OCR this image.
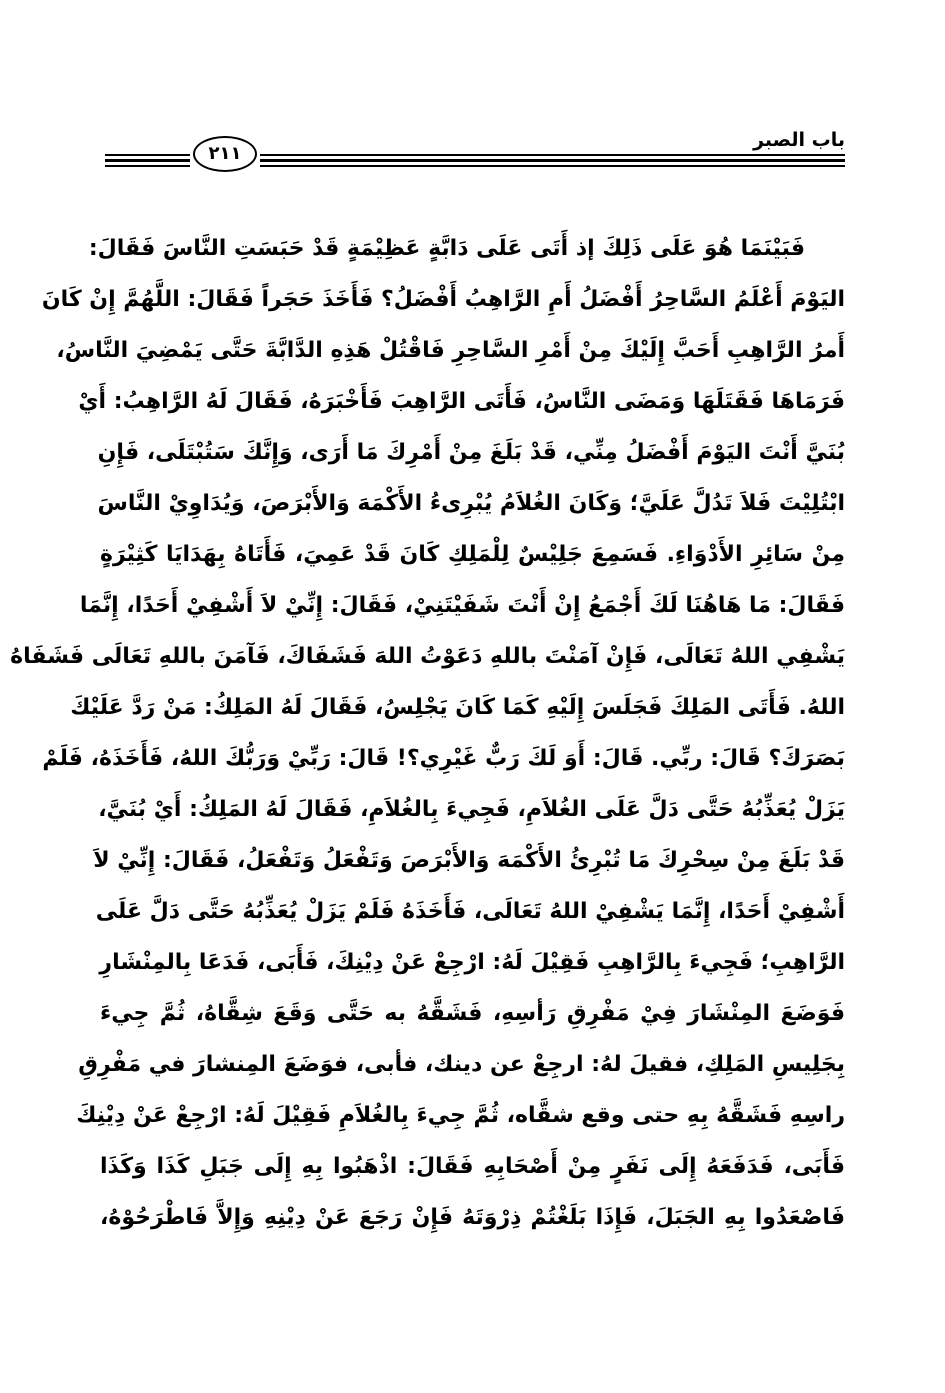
باب الصبر
٢١١
فَبَيْنَمَا هُوَ عَلَى ذَلِكَ إذ أَتَى عَلَى دَابَّةٍ عَظِيْمَةٍ قَدْ حَبَسَتِ النَّاسَ فَقَالَ:
اليَوْمَ أَعْلَمُ السَّاحِرُ أَفْضَلُ أَمِ الرَّاهِبُ أَفْضَلُ؟ فَأَخَذَ حَجَراً فَقَالَ: اللَّهُمَّ إِنْ كَانَ
أَمرُ الرَّاهِبِ أَحَبَّ إِلَيْكَ مِنْ أَمْرِ السَّاحِرِ فَاقْتُلْ هَذِهِ الدَّابَّةَ حَتَّى يَمْضِيَ النَّاسُ،
فَرَمَاهَا فَقَتَلَهَا وَمَضَى النَّاسُ، فَأَتَى الرَّاهِبَ فَأَخْبَرَهُ، فَقَالَ لَهُ الرَّاهِبُ: أَيْ
بُنَيَّ أَنْتَ اليَوْمَ أَفْضَلُ مِنِّي، قَدْ بَلَغَ مِنْ أَمْرِكَ مَا أَرَى، وَإِنَّكَ سَتُبْتَلَى، فَإِنِ
ابْتُلِيْتَ فَلاَ تَدُلَّ عَلَيَّ؛ وَكَانَ الغُلاَمُ يُبْرِىءُ الأَكْمَهَ وَالأَبْرَصَ، وَيُدَاوِيْ النَّاسَ
مِنْ سَائِرِ الأَدْوَاءِ. فَسَمِعَ جَلِيْسٌ لِلْمَلِكِ كَانَ قَدْ عَمِيَ، فَأَتَاهُ بِهَدَايَا كَثِيْرَةٍ
فَقَالَ: مَا هَاهُنَا لَكَ أَجْمَعُ إِنْ أَنْتَ شَفَيْتَنِيْ، فَقَالَ: إِنِّيْ لاَ أَشْفِيْ أَحَدًا، إِنَّمَا
يَشْفِي اللهُ تَعَالَى، فَإِنْ آمَنْتَ باللهِ دَعَوْتُ اللهَ فَشَفَاكَ، فَآمَنَ باللهِ تَعَالَى فَشَفَاهُ
اللهُ. فَأَتَى المَلِكَ فَجَلَسَ إِلَيْهِ كَمَا كَانَ يَجْلِسُ، فَقَالَ لَهُ المَلِكُ: مَنْ رَدَّ عَلَيْكَ
بَصَرَكَ؟ قَالَ: ربِّي. قَالَ: أَوَ لَكَ رَبٌّ غَيْرِي؟! قَالَ: رَبِّيْ وَرَبُّكَ اللهُ، فَأَخَذَهُ، فَلَمْ
يَزَلْ يُعَذِّبُهُ حَتَّى دَلَّ عَلَى الغُلاَمِ، فَجِيءَ بِالغُلاَمِ، فَقَالَ لَهُ المَلِكُ: أَيْ بُنَيَّ،
قَدْ بَلَغَ مِنْ سِحْرِكَ مَا تُبْرِئُ الأَكْمَهَ وَالأَبْرَصَ وَتَفْعَلُ وَتَفْعَلُ، فَقَالَ: إِنِّيْ لاَ
أَشْفِيْ أَحَدًا، إِنَّمَا يَشْفِيْ اللهُ تَعَالَى، فَأَخَذَهُ فَلَمْ يَزَلْ يُعَذِّبُهُ حَتَّى دَلَّ عَلَى
الرَّاهِبِ؛ فَجِيءَ بِالرَّاهِبِ فَقِيْلَ لَهُ: ارْجِعْ عَنْ دِيْنِكَ، فَأَبَى، فَدَعَا بِالمِنْشَارِ
فَوَضَعَ المِنْشَارَ فِيْ مَفْرِقِ رَأسِهِ، فَشَقَّهُ به حَتَّى وَقَعَ شِقَّاهُ، ثُمَّ جِيءَ
بِجَلِيسِ المَلِكِ، فقيلَ لهُ: ارجِعْ عن دينك، فأبى، فوَضَعَ المِنشارَ في مَفْرِقِ
راسِهِ فَشَقَّهُ بِهِ حتى وقع شقَّاه، ثُمَّ جِيءَ بِالغُلاَمِ فَقِيْلَ لَهُ: ارْجِعْ عَنْ دِيْنِكَ
فَأَبَى، فَدَفَعَهُ إِلَى نَفَرٍ مِنْ أَصْحَابِهِ فَقَالَ: اذْهَبُوا بِهِ إِلَى جَبَلِ كَذَا وَكَذَا
فَاصْعَدُوا بِهِ الجَبَلَ، فَإِذَا بَلَغْتُمْ ذِرْوَتَهُ فَإِنْ رَجَعَ عَنْ دِيْنِهِ وَإِلاَّ فَاطْرَحُوْهُ،
